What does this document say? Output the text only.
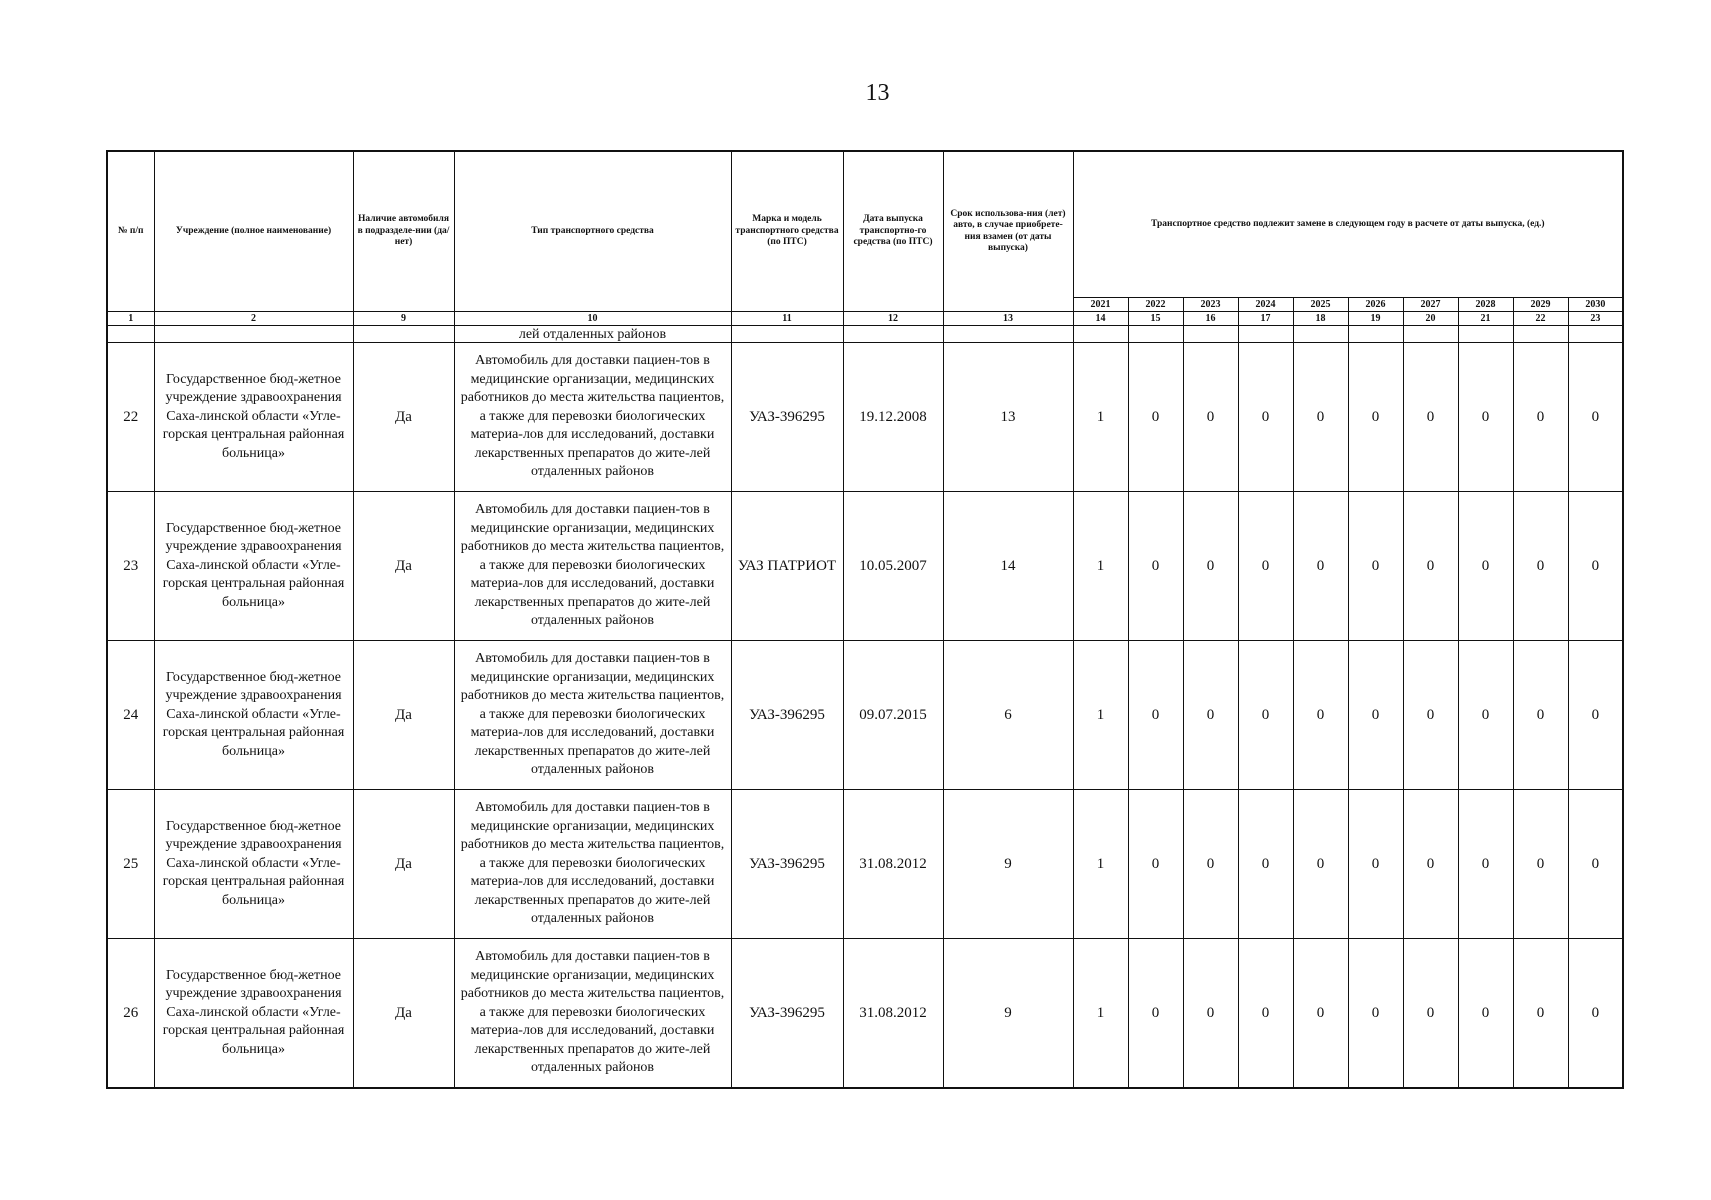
13
№ п/п	Учреждение (полное наименование)	Наличие автомобиля в подразделе-нии (да/нет)	Тип транспортного средства	Марка и модель транспортного средства (по ПТС)	Дата выпуска транспортно-го средства (по ПТС)	Срок использова-ния (лет) авто, в случае приобрете-ния взамен (от даты выпуска)	Транспортное средство подлежит замене в следующем году в расчете от даты выпуска, (ед.)									
							2021	2022	2023	2024	2025	2026	2027	2028	2029	2030
1	2	9	10	11	12	13	14	15	16	17	18	19	20	21	22	23
			лей отдаленных районов													
22	Государственное бюд-жетное учреждение здравоохранения Саха-линской области «Угле-горская центральная районная больница»	Да	Автомобиль для доставки пациен-тов в медицинские организации, медицинских работников до места жительства пациентов, а также для перевозки биологических материа-лов для исследований, доставки лекарственных препаратов до жите-лей отдаленных районов	УАЗ-396295	19.12.2008	13	1	0	0	0	0	0	0	0	0	0
23	Государственное бюд-жетное учреждение здравоохранения Саха-линской области «Угле-горская центральная районная больница»	Да	Автомобиль для доставки пациен-тов в медицинские организации, медицинских работников до места жительства пациентов, а также для перевозки биологических материа-лов для исследований, доставки лекарственных препаратов до жите-лей отдаленных районов	УАЗ ПАТРИОТ	10.05.2007	14	1	0	0	0	0	0	0	0	0	0
24	Государственное бюд-жетное учреждение здравоохранения Саха-линской области «Угле-горская центральная районная больница»	Да	Автомобиль для доставки пациен-тов в медицинские организации, медицинских работников до места жительства пациентов, а также для перевозки биологических материа-лов для исследований, доставки лекарственных препаратов до жите-лей отдаленных районов	УАЗ-396295	09.07.2015	6	1	0	0	0	0	0	0	0	0	0
25	Государственное бюд-жетное учреждение здравоохранения Саха-линской области «Угле-горская центральная районная больница»	Да	Автомобиль для доставки пациен-тов в медицинские организации, медицинских работников до места жительства пациентов, а также для перевозки биологических материа-лов для исследований, доставки лекарственных препаратов до жите-лей отдаленных районов	УАЗ-396295	31.08.2012	9	1	0	0	0	0	0	0	0	0	0
26	Государственное бюд-жетное учреждение здравоохранения Саха-линской области «Угле-горская центральная районная больница»	Да	Автомобиль для доставки пациен-тов в медицинские организации, медицинских работников до места жительства пациентов, а также для перевозки биологических материа-лов для исследований, доставки лекарственных препаратов до жите-лей отдаленных районов	УАЗ-396295	31.08.2012	9	1	0	0	0	0	0	0	0	0	0
